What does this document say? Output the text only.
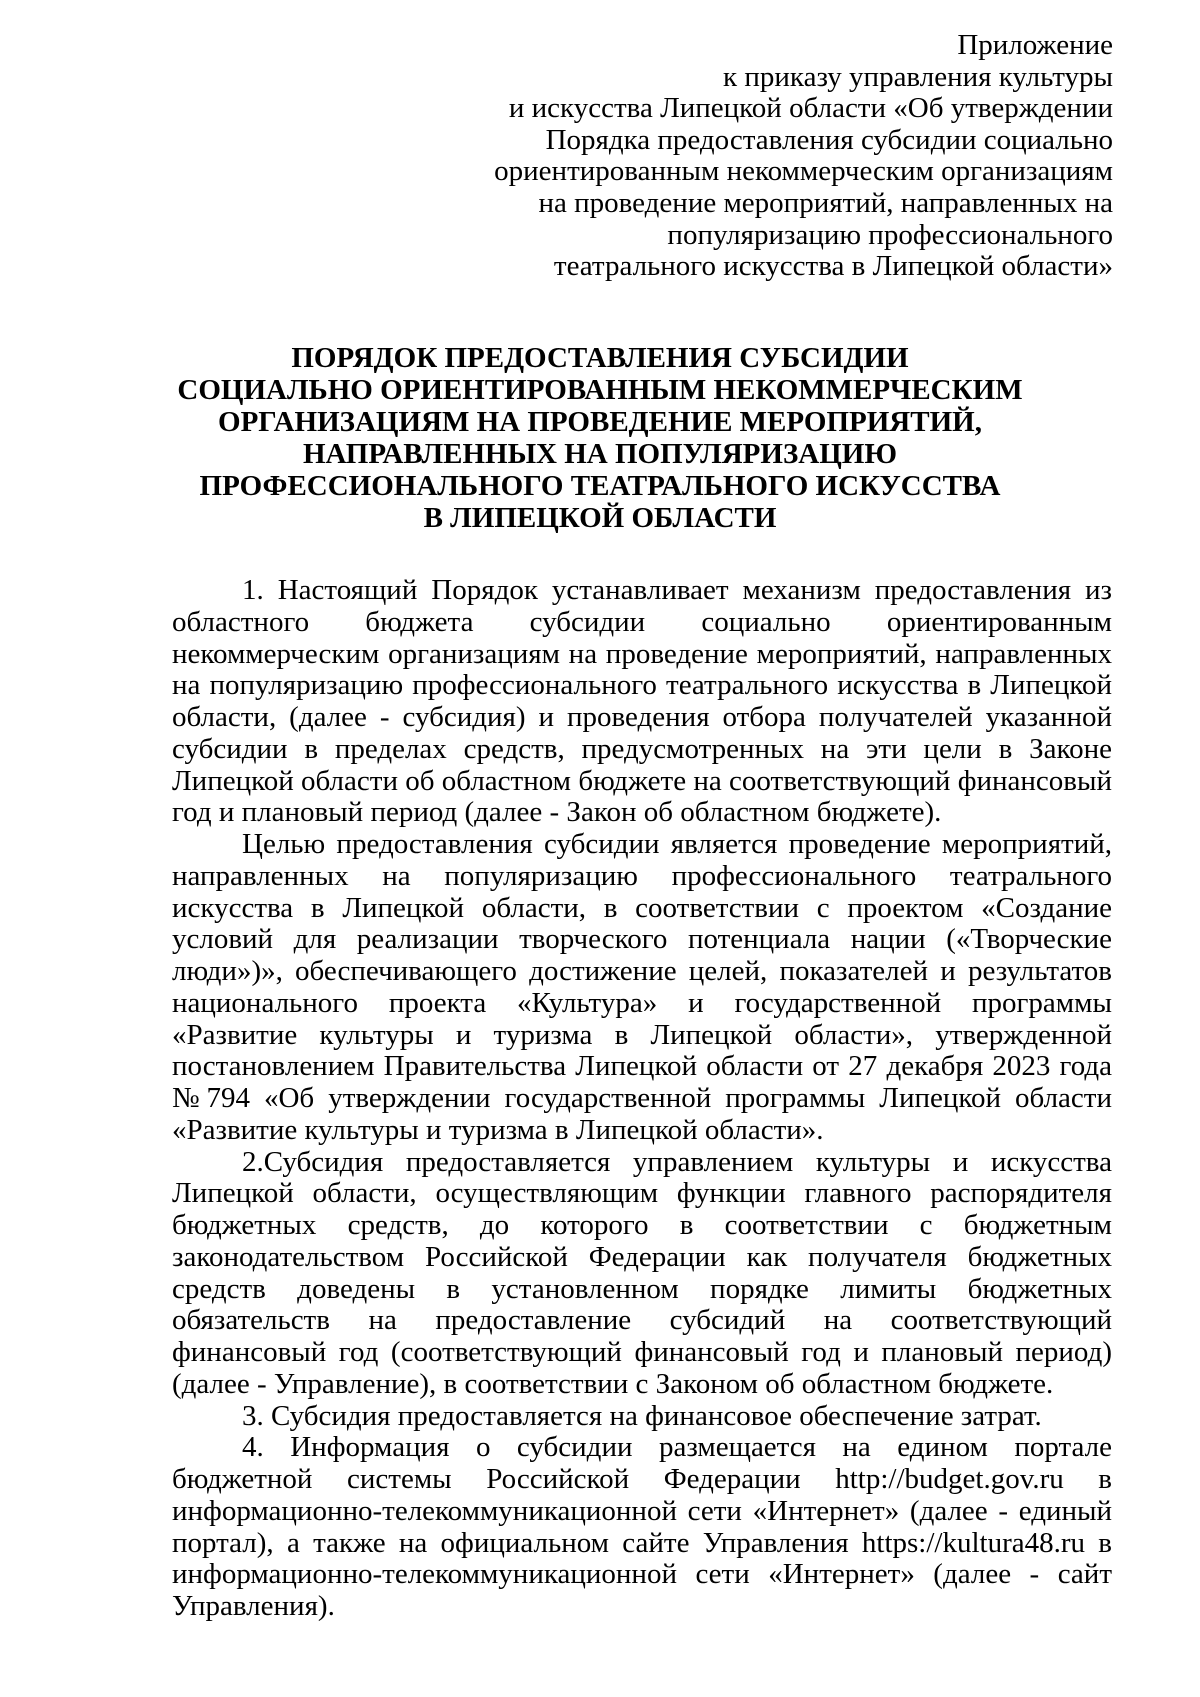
Приложение
к приказу управления культуры
и искусства Липецкой области «Об утверждении
Порядка предоставления субсидии социально
ориентированным некоммерческим организациям
на проведение мероприятий, направленных на
популяризацию профессионального
театрального искусства в Липецкой области»
ПОРЯДОК ПРЕДОСТАВЛЕНИЯ СУБСИДИИ
СОЦИАЛЬНО ОРИЕНТИРОВАННЫМ НЕКОММЕРЧЕСКИМ
ОРГАНИЗАЦИЯМ НА ПРОВЕДЕНИЕ МЕРОПРИЯТИЙ,
НАПРАВЛЕННЫХ НА ПОПУЛЯРИЗАЦИЮ
ПРОФЕССИОНАЛЬНОГО ТЕАТРАЛЬНОГО ИСКУССТВА
В ЛИПЕЦКОЙ ОБЛАСТИ

1. Настоящий Порядок устанавливает механизм предоставления из областного бюджета субсидии социально ориентированным некоммерческим организациям на проведение мероприятий, направленных на популяризацию профессионального театрального искусства в Липецкой области, (далее - субсидия) и проведения отбора получателей указанной субсидии в пределах средств, предусмотренных на эти цели в Законе Липецкой области об областном бюджете на соответствующий финансовый год и плановый период (далее - Закон об областном бюджете).

Целью предоставления субсидии является проведение мероприятий, направленных на популяризацию профессионального театрального искусства в Липецкой области, в соответствии с проектом «Создание условий для реализации творческого потенциала нации («Творческие люди»)», обеспечивающего достижение целей, показателей и результатов национального проекта «Культура» и государственной программы «Развитие культуры и туризма в Липецкой области», утвержденной постановлением Правительства Липецкой области от 27 декабря 2023 года №794 «Об утверждении государственной программы Липецкой области «Развитие культуры и туризма в Липецкой области».

2.Субсидия предоставляется управлением культуры и искусства Липецкой области, осуществляющим функции главного распорядителя бюджетных средств, до которого в соответствии с бюджетным законодательством Российской Федерации как получателя бюджетных средств доведены в установленном порядке лимиты бюджетных обязательств на предоставление субсидий на соответствующий финансовый год (соответствующий финансовый год и плановый период) (далее - Управление), в соответствии с Законом об областном бюджете.

3. Субсидия предоставляется на финансовое обеспечение затрат.

4. Информация о субсидии размещается на едином портале бюджетной системы Российской Федерации http://budget.gov.ru в информационно-телекоммуникационной сети «Интернет» (далее - единый портал), а также на официальном сайте Управления https://kultura48.ru в информационно-телекоммуникационной сети «Интернет» (далее - сайт Управления).
